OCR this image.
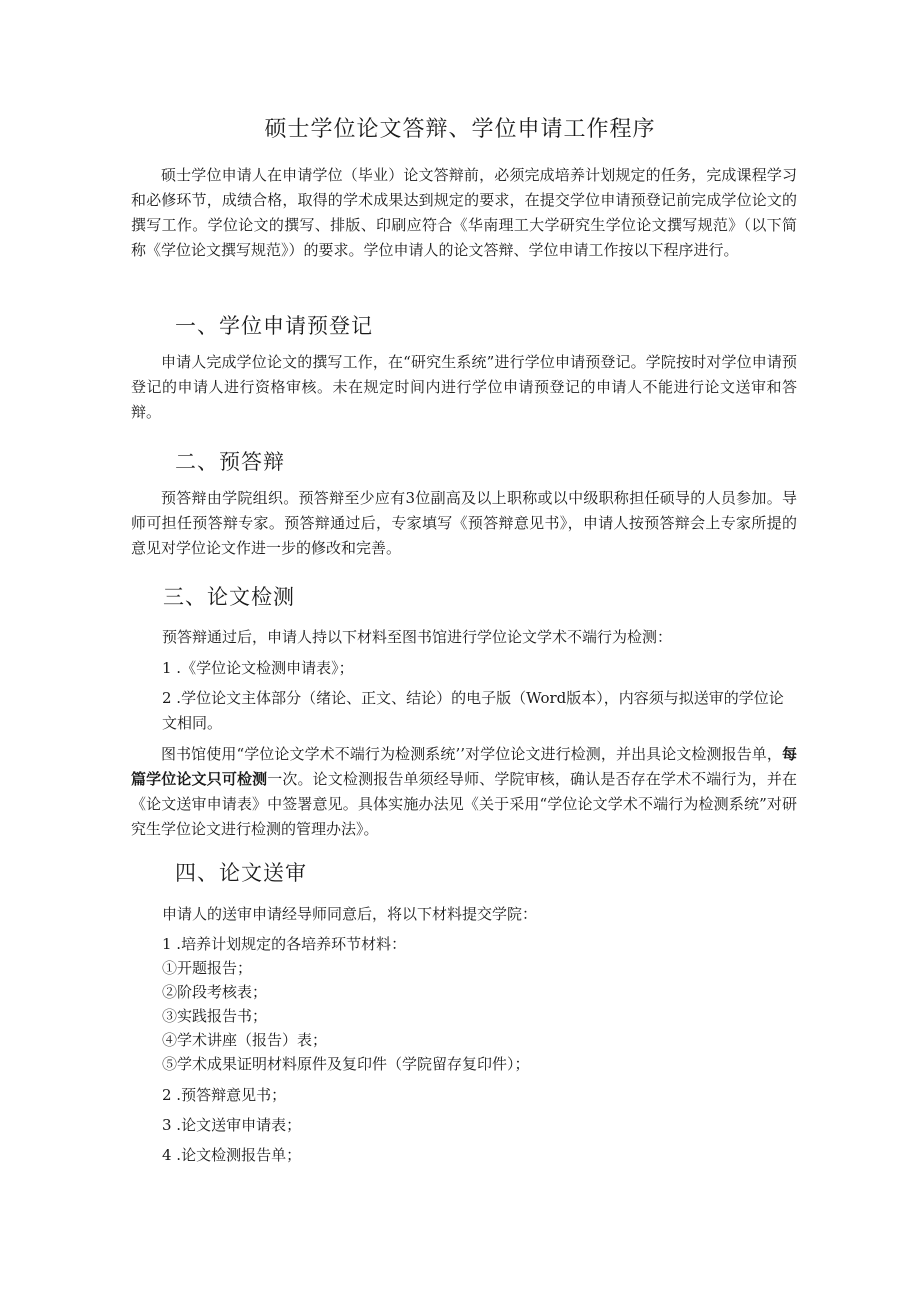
硕士学位论文答辩、学位申请工作程序
硕士学位申请人在申请学位（毕业）论文答辩前，必须完成培养计划规定的任务，完成课程学习和必修环节，成绩合格，取得的学术成果达到规定的要求，在提交学位申请预登记前完成学位论文的撰写工作。学位论文的撰写、排版、印刷应符合《华南理工大学研究生学位论文撰写规范》（以下简称《学位论文撰写规范》）的要求。学位申请人的论文答辩、学位申请工作按以下程序进行。
一、学位申请预登记
申请人完成学位论文的撰写工作，在“研究生系统”进行学位申请预登记。学院按时对学位申请预登记的申请人进行资格审核。未在规定时间内进行学位申请预登记的申请人不能进行论文送审和答辩。
二、预答辩
预答辩由学院组织。预答辩至少应有3位副高及以上职称或以中级职称担任硕导的人员参加。导师可担任预答辩专家。预答辩通过后，专家填写《预答辩意见书》，申请人按预答辩会上专家所提的意见对学位论文作进一步的修改和完善。
三、论文检测
预答辩通过后，申请人持以下材料至图书馆进行学位论文学术不端行为检测：
1 .《学位论文检测申请表》；
2 .学位论文主体部分（绪论、正文、结论）的电子版（Word版本），内容须与拟送审的学位论文相同。
图书馆使用“学位论文学术不端行为检测系统’’对学位论文进行检测，并出具论文检测报告单，每篇学位论文只可检测一次。论文检测报告单须经导师、学院审核，确认是否存在学术不端行为，并在《论文送审申请表》中签署意见。具体实施办法见《关于采用“学位论文学术不端行为检测系统”对研究生学位论文进行检测的管理办法》。
四、论文送审
申请人的送审申请经导师同意后，将以下材料提交学院：
1 .培养计划规定的各培养环节材料：
①开题报告；
②阶段考核表；
③实践报告书；
④学术讲座（报告）表；
⑤学术成果证明材料原件及复印件（学院留存复印件）；
2 .预答辩意见书；
3 .论文送审申请表；
4 .论文检测报告单；
